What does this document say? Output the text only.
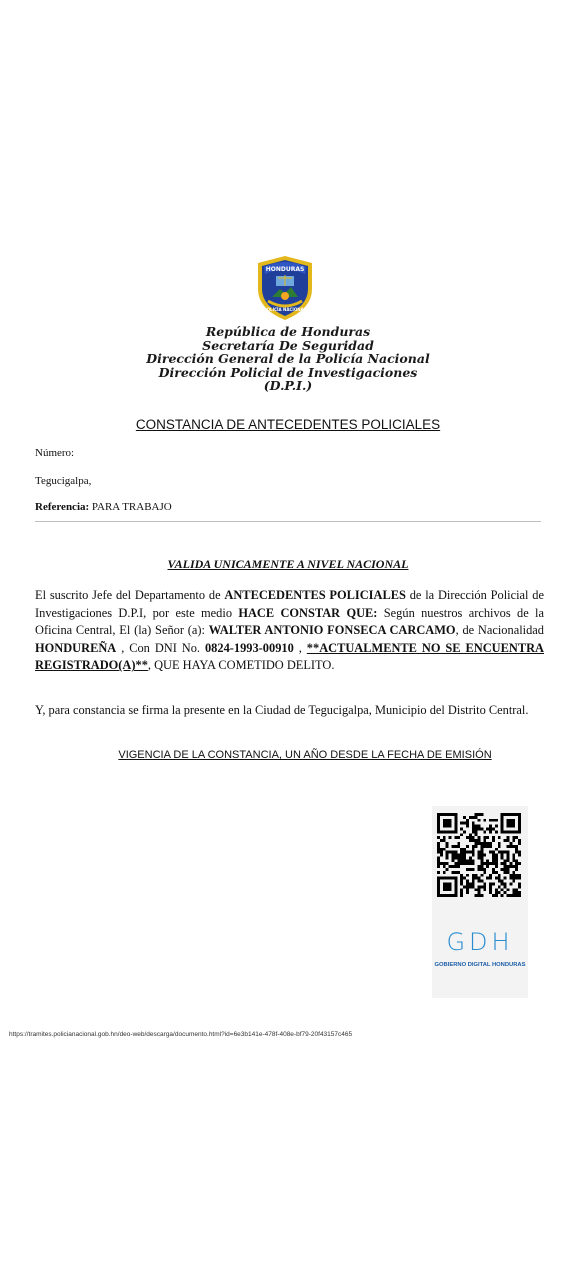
HONDURAS
POLICÍA NACIONAL
República de Honduras
Secretaría De Seguridad
Dirección General de la Policía Nacional
Dirección Policial de Investigaciones
(D.P.I.)
CONSTANCIA DE ANTECEDENTES POLICIALES
Número:
Tegucigalpa,
Referencia: PARA TRABAJO
VALIDA UNICAMENTE A NIVEL NACIONAL
El suscrito Jefe del Departamento de ANTECEDENTES POLICIALES de la Dirección Policial de Investigaciones D.P.I, por este medio HACE CONSTAR QUE: Según nuestros archivos de la Oficina Central, El (la) Señor (a): WALTER ANTONIO FONSECA CARCAMO, de Nacionalidad HONDUREÑA , Con DNI No. 0824-1993-00910 , **ACTUALMENTE NO SE ENCUENTRA REGISTRADO(A)**, QUE HAYA COMETIDO DELITO.
Y, para constancia se firma la presente en la Ciudad de Tegucigalpa, Municipio del Distrito Central.
VIGENCIA DE LA CONSTANCIA, UN AÑO DESDE LA FECHA DE EMISIÓN
GDH
GOBIERNO DIGITAL HONDURAS
https://tramites.policianacional.gob.hn/deo-web/descarga/documento.html?id=6e3b141e-478f-408e-bf79-20f43157c465
